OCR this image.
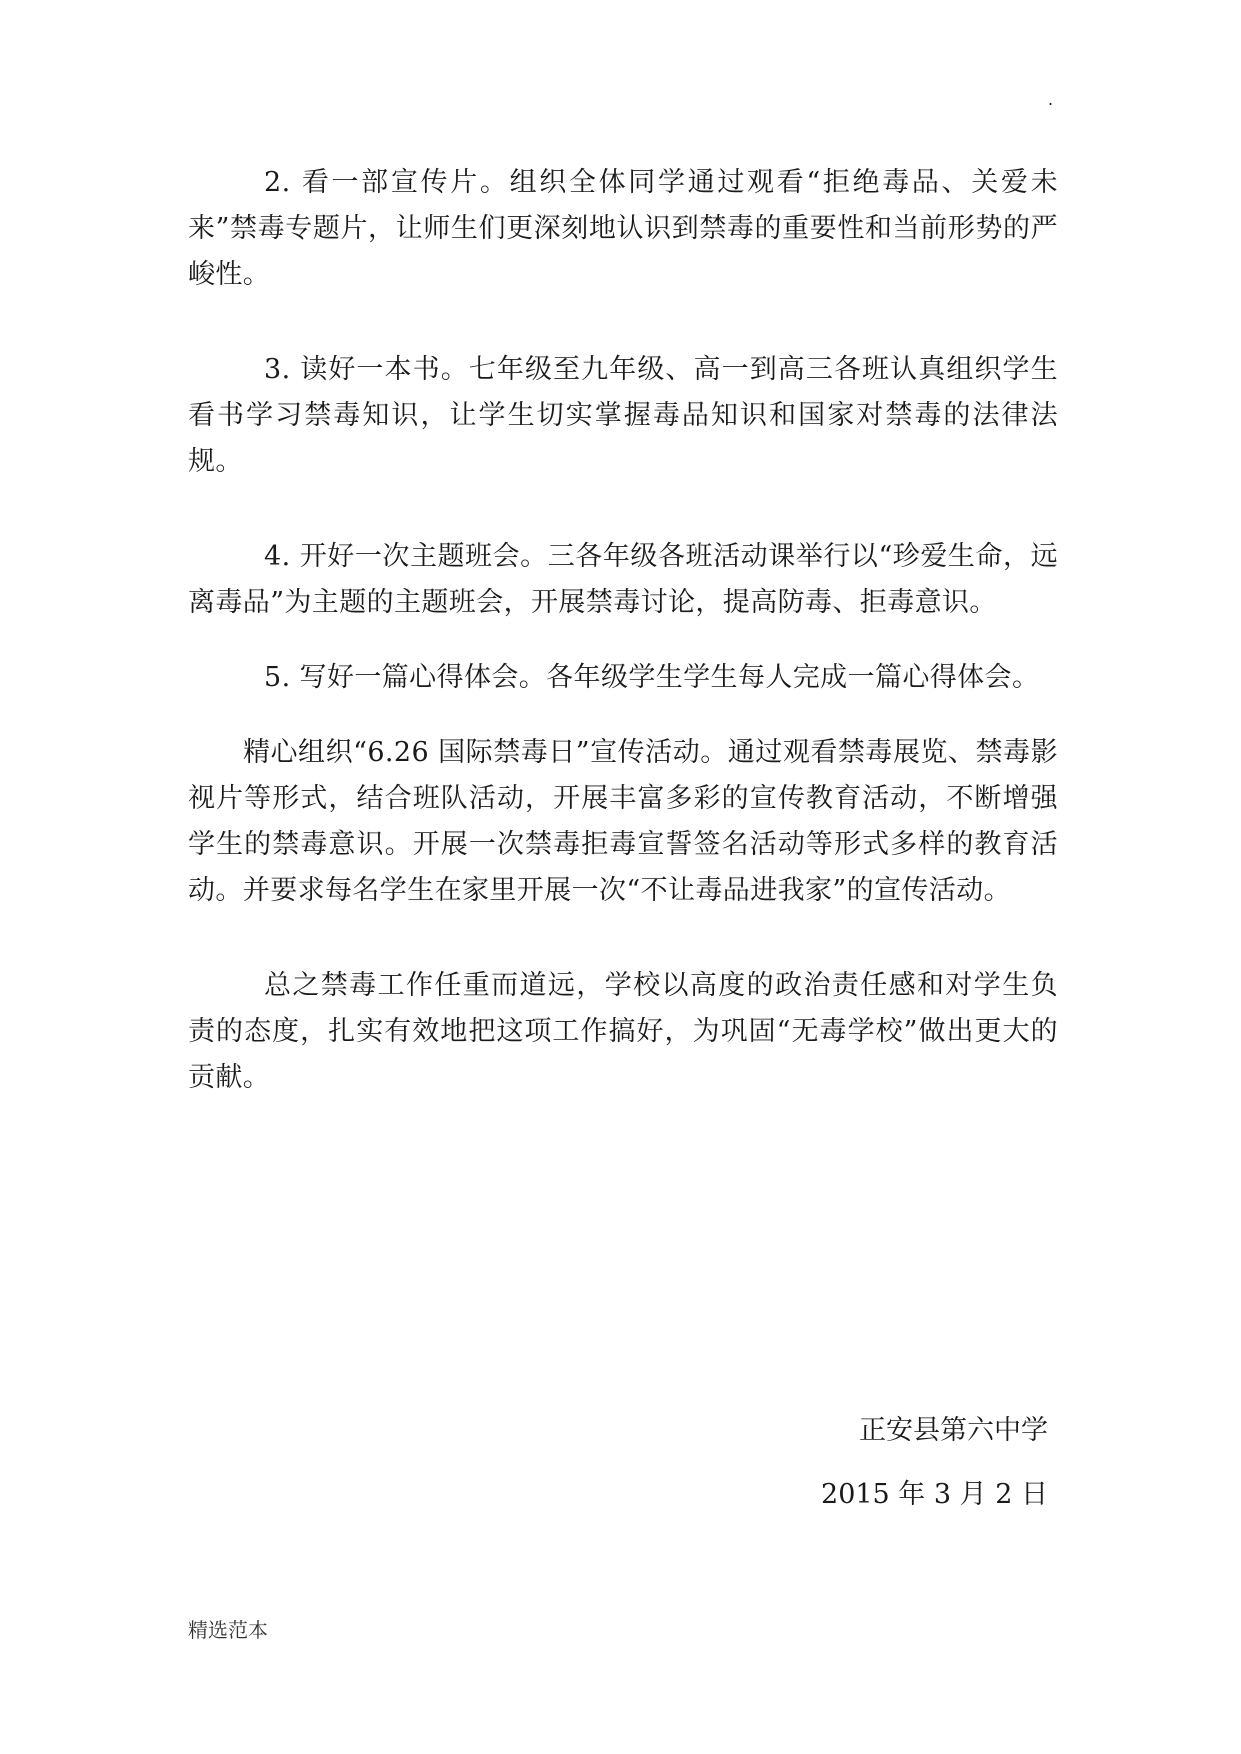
.

2. 看一部宣传片。组织全体同学通过观看“拒绝毒品、关爱未来”禁毒专题片，让师生们更深刻地认识到禁毒的重要性和当前形势的严峻性。

3. 读好一本书。七年级至九年级、高一到高三各班认真组织学生看书学习禁毒知识，让学生切实掌握毒品知识和国家对禁毒的法律法规。

4. 开好一次主题班会。三各年级各班活动课举行以“珍爱生命，远离毒品”为主题的主题班会，开展禁毒讨论，提高防毒、拒毒意识。

5. 写好一篇心得体会。各年级学生学生每人完成一篇心得体会。

精心组织“6.26 国际禁毒日”宣传活动。通过观看禁毒展览、禁毒影视片等形式，结合班队活动，开展丰富多彩的宣传教育活动，不断增强学生的禁毒意识。开展一次禁毒拒毒宣誓签名活动等形式多样的教育活动。并要求每名学生在家里开展一次“不让毒品进我家”的宣传活动。

总之禁毒工作任重而道远，学校以高度的政治责任感和对学生负责的态度，扎实有效地把这项工作搞好，为巩固“无毒学校”做出更大的贡献。

正安县第六中学
2015 年 3 月 2 日
精选范本
